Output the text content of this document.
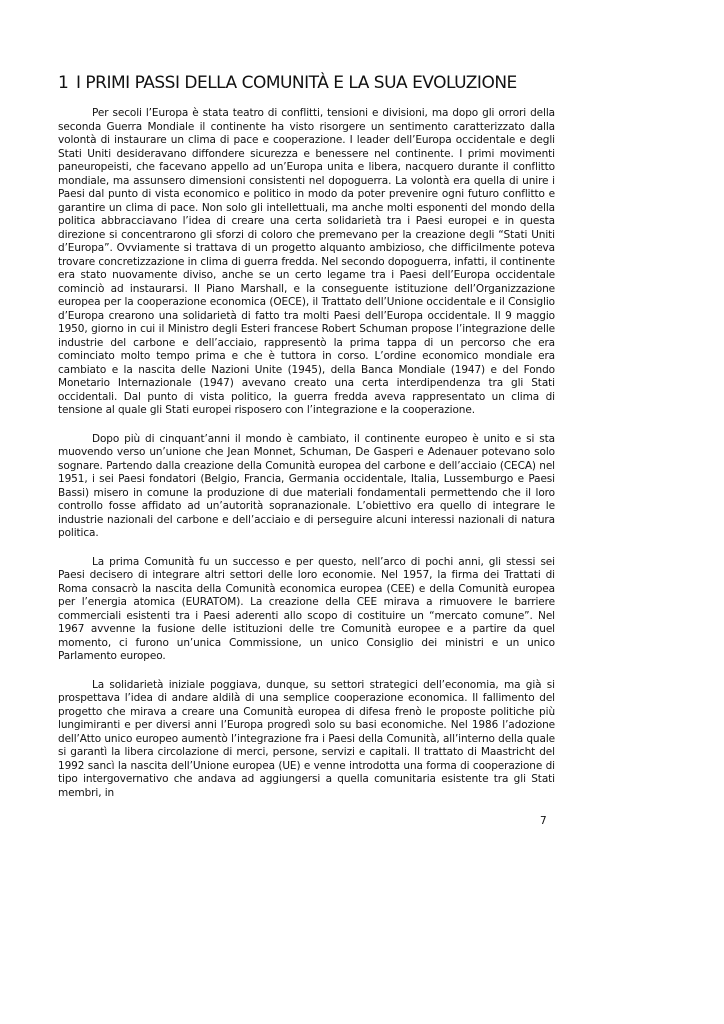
1 I PRIMI PASSI DELLA COMUNITÀ E LA SUA EVOLUZIONE

Per secoli l’Europa è stata teatro di conflitti, tensioni e divisioni, ma dopo gli orrori della seconda Guerra Mondiale il continente ha visto risorgere un sentimento caratterizzato dalla volontà di instaurare un clima di pace e cooperazione. I leader dell’Europa occidentale e degli Stati Uniti desideravano diffondere sicurezza e benessere nel continente. I primi movimenti paneuropeisti, che facevano appello ad un’Europa unita e libera, nacquero durante il conflitto mondiale, ma assunsero dimensioni consistenti nel dopoguerra. La volontà era quella di unire i Paesi dal punto di vista economico e politico in modo da poter prevenire ogni futuro conflitto e garantire un clima di pace. Non solo gli intellettuali, ma anche molti esponenti del mondo della politica abbracciavano l’idea di creare una certa solidarietà tra i Paesi europei e in questa direzione si concentrarono gli sforzi di coloro che premevano per la creazione degli “Stati Uniti d’Europa”. Ovviamente si trattava di un progetto alquanto ambizioso, che difficilmente poteva trovare concretizzazione in clima di guerra fredda. Nel secondo dopoguerra, infatti, il continente era stato nuovamente diviso, anche se un certo legame tra i Paesi dell’Europa occidentale cominciò ad instaurarsi. Il Piano Marshall, e la conseguente istituzione dell’Organizzazione europea per la cooperazione economica (OECE), il Trattato dell’Unione occidentale e il Consiglio d’Europa crearono una solidarietà di fatto tra molti Paesi dell’Europa occidentale. Il 9 maggio 1950, giorno in cui il Ministro degli Esteri francese Robert Schuman propose l’integrazione delle industrie del carbone e dell’acciaio, rappresentò la prima tappa di un percorso che era cominciato molto tempo prima e che è tuttora in corso. L’ordine economico mondiale era cambiato e la nascita delle Nazioni Unite (1945), della Banca Mondiale (1947) e del Fondo Monetario Internazionale (1947) avevano creato una certa interdipendenza tra gli Stati occidentali. Dal punto di vista politico, la guerra fredda aveva rappresentato un clima di tensione al quale gli Stati europei risposero con l’integrazione e la cooperazione.

Dopo più di cinquant’anni il mondo è cambiato, il continente europeo è unito e si sta muovendo verso un’unione che Jean Monnet, Schuman, De Gasperi e Adenauer potevano solo sognare. Partendo dalla creazione della Comunità europea del carbone e dell’acciaio (CECA) nel 1951, i sei Paesi fondatori (Belgio, Francia, Germania occidentale, Italia, Lussemburgo e Paesi Bassi) misero in comune la produzione di due materiali fondamentali permettendo che il loro controllo fosse affidato ad un’autorità sopranazionale. L’obiettivo era quello di integrare le industrie nazionali del carbone e dell’acciaio e di perseguire alcuni interessi nazionali di natura politica.

La prima Comunità fu un successo e per questo, nell’arco di pochi anni, gli stessi sei Paesi decisero di integrare altri settori delle loro economie. Nel 1957, la firma dei Trattati di Roma consacrò la nascita della Comunità economica europea (CEE) e della Comunità europea per l’energia atomica (EURATOM). La creazione della CEE mirava a rimuovere le barriere commerciali esistenti tra i Paesi aderenti allo scopo di costituire un “mercato comune”. Nel 1967 avvenne la fusione delle istituzioni delle tre Comunità europee e a partire da quel momento, ci furono un’unica Commissione, un unico Consiglio dei ministri e un unico Parlamento europeo.

La solidarietà iniziale poggiava, dunque, su settori strategici dell’economia, ma già si prospettava l’idea di andare aldilà di una semplice cooperazione economica. Il fallimento del progetto che mirava a creare una Comunità europea di difesa frenò le proposte politiche più lungimiranti e per diversi anni l’Europa progredì solo su basi economiche. Nel 1986 l’adozione dell’Atto unico europeo aumentò l’integrazione fra i Paesi della Comunità, all’interno della quale si garantì la libera circolazione di merci, persone, servizi e capitali. Il trattato di Maastricht del 1992 sancì la nascita dell’Unione europea (UE) e venne introdotta una forma di cooperazione di tipo intergovernativo che andava ad aggiungersi a quella comunitaria esistente tra gli Stati membri, in

7
